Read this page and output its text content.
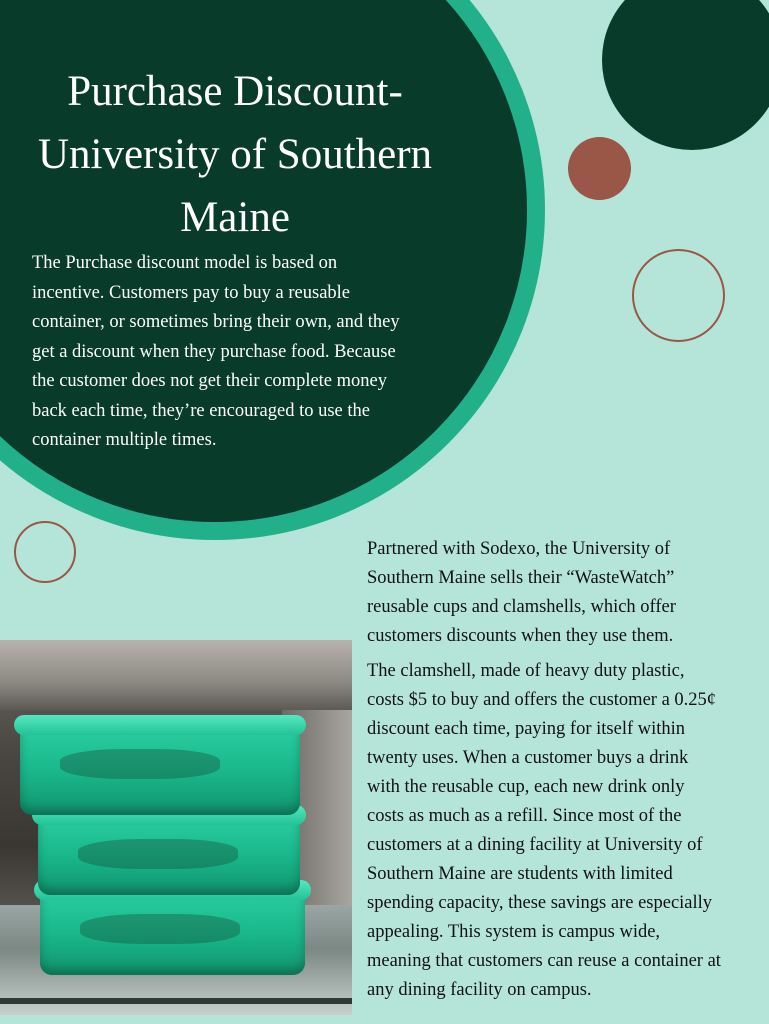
Purchase Discount-
University of Southern
Maine

The Purchase discount model is based on
incentive. Customers pay to buy a reusable
container, or sometimes bring their own, and they
get a discount when they purchase food. Because
the customer does not get their complete money
back each time, they’re encouraged to use the
container multiple times.

Partnered with Sodexo, the University of
Southern Maine sells their “WasteWatch”
reusable cups and clamshells, which offer
customers discounts when they use them.

The clamshell, made of heavy duty plastic,
costs $5 to buy and offers the customer a 0.25¢
discount each time, paying for itself within
twenty uses. When a customer buys a drink
with the reusable cup, each new drink only
costs as much as a refill. Since most of the
customers at a dining facility at University of
Southern Maine are students with limited
spending capacity, these savings are especially
appealing. This system is campus wide,
meaning that customers can reuse a container at
any dining facility on campus.
